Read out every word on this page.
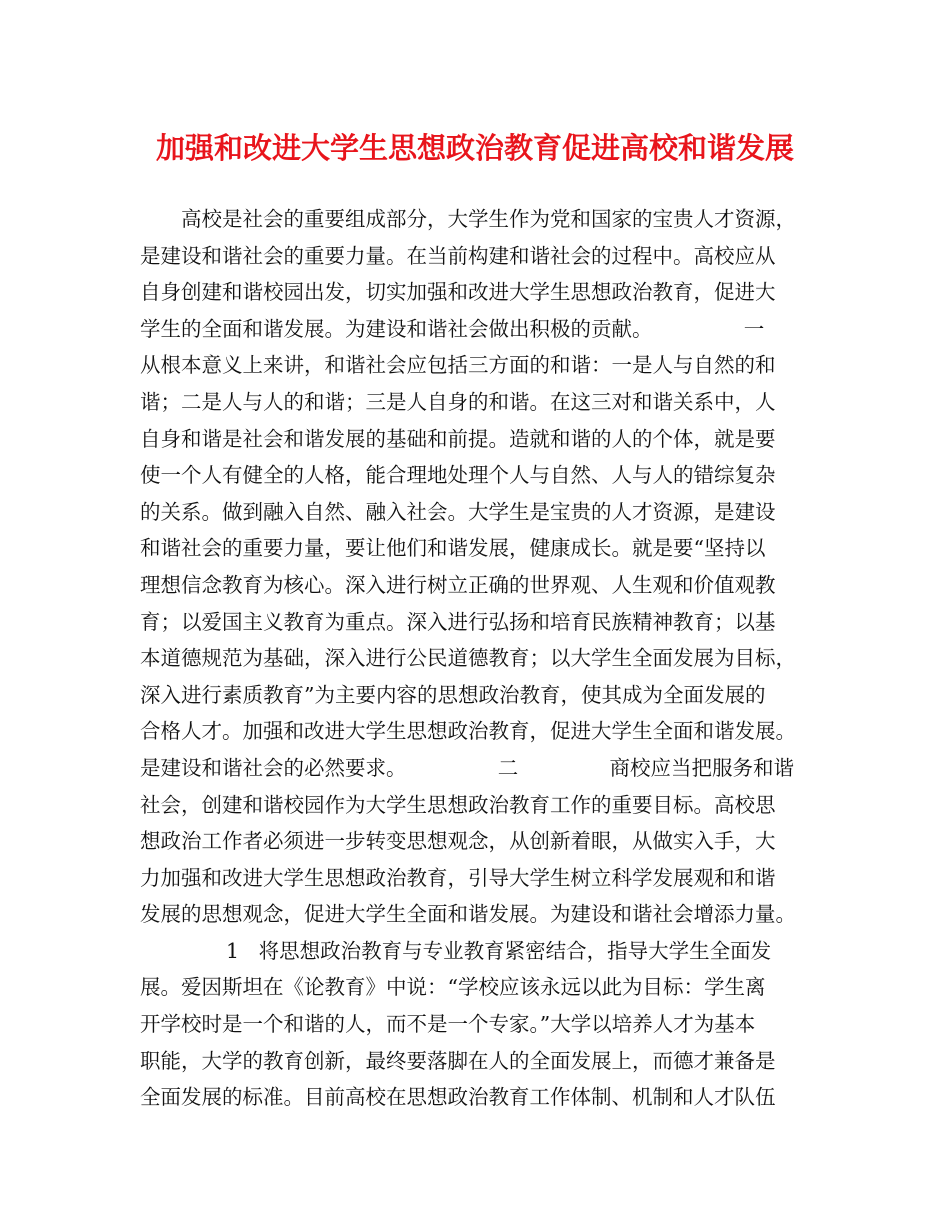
加强和改进大学生思想政治教育促进高校和谐发展
高校是社会的重要组成部分，大学生作为党和国家的宝贵人才资源，
是建设和谐社会的重要力量。在当前构建和谐社会的过程中。高校应从
自身创建和谐校园出发，切实加强和改进大学生思想政治教育，促进大
学生的全面和谐发展。为建设和谐社会做出积极的贡献。              一
从根本意义上来讲，和谐社会应包括三方面的和谐：一是人与自然的和
谐；二是人与人的和谐；三是人自身的和谐。在这三对和谐关系中，人
自身和谐是社会和谐发展的基础和前提。造就和谐的人的个体，就是要
使一个人有健全的人格，能合理地处理个人与自然、人与人的错综复杂
的关系。做到融入自然、融入社会。大学生是宝贵的人才资源，是建设
和谐社会的重要力量，要让他们和谐发展，健康成长。就是要“坚持以
理想信念教育为核心。深入进行树立正确的世界观、人生观和价值观教
育；以爱国主义教育为重点。深入进行弘扬和培育民族精神教育；以基
本道德规范为基础，深入进行公民道德教育；以大学生全面发展为目标，
深入进行素质教育”为主要内容的思想政治教育，使其成为全面发展的
合格人才。加强和改进大学生思想政治教育，促进大学生全面和谐发展。
是建设和谐社会的必然要求。              二              商校应当把服务和谐
社会，创建和谐校园作为大学生思想政治教育工作的重要目标。高校思
想政治工作者必须进一步转变思想观念，从创新着眼，从做实入手，大
力加强和改进大学生思想政治教育，引导大学生树立科学发展观和和谐
发展的思想观念，促进大学生全面和谐发展。为建设和谐社会增添力量。
1   将思想政治教育与专业教育紧密结合，指导大学生全面发
展。爱因斯坦在《论教育》中说：“学校应该永远以此为目标：学生离
开学校时是一个和谐的人，而不是一个专家。”大学以培养人才为基本
职能，大学的教育创新，最终要落脚在人的全面发展上，而德才兼备是
全面发展的标准。目前高校在思想政治教育工作体制、机制和人才队伍
